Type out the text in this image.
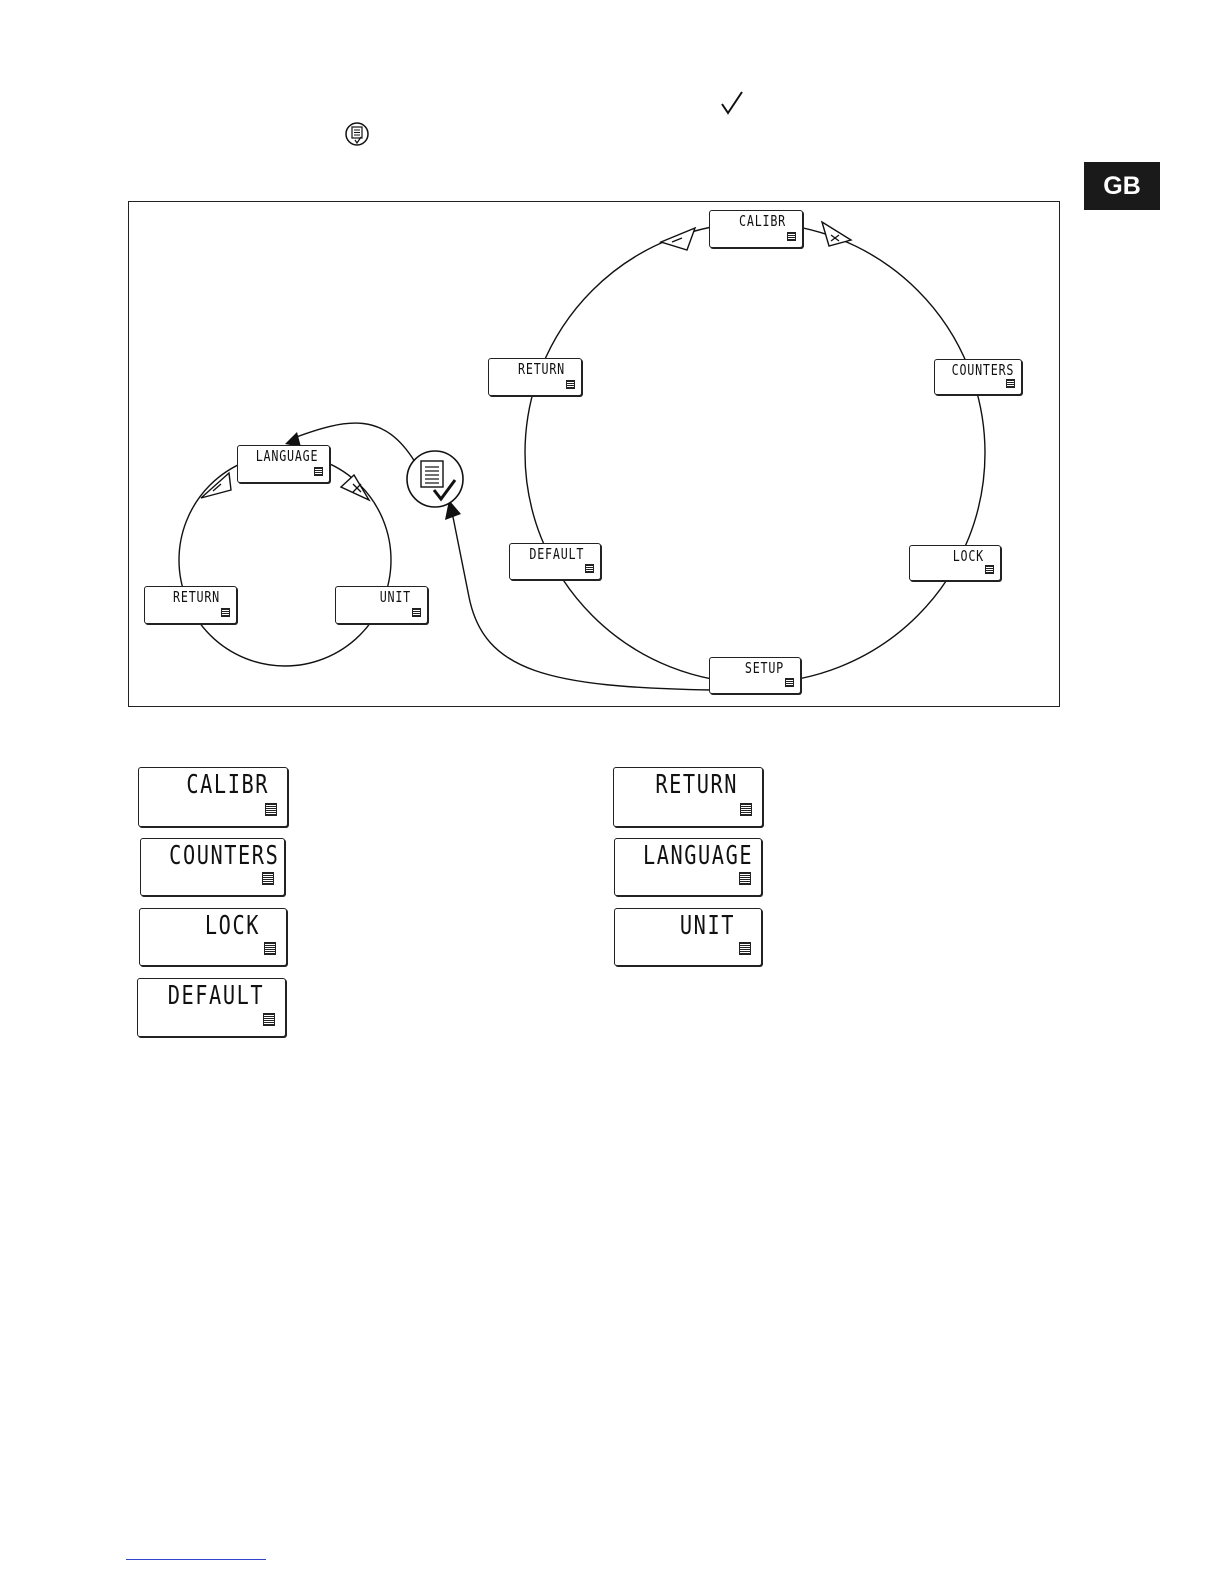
GB
CALIBR
COUNTERS
LOCK
SETUP
DEFAULT
RETURN
LANGUAGE
UNIT
RETURN
CALIBR
COUNTERS
LOCK
DEFAULT
RETURN
LANGUAGE
UNIT
